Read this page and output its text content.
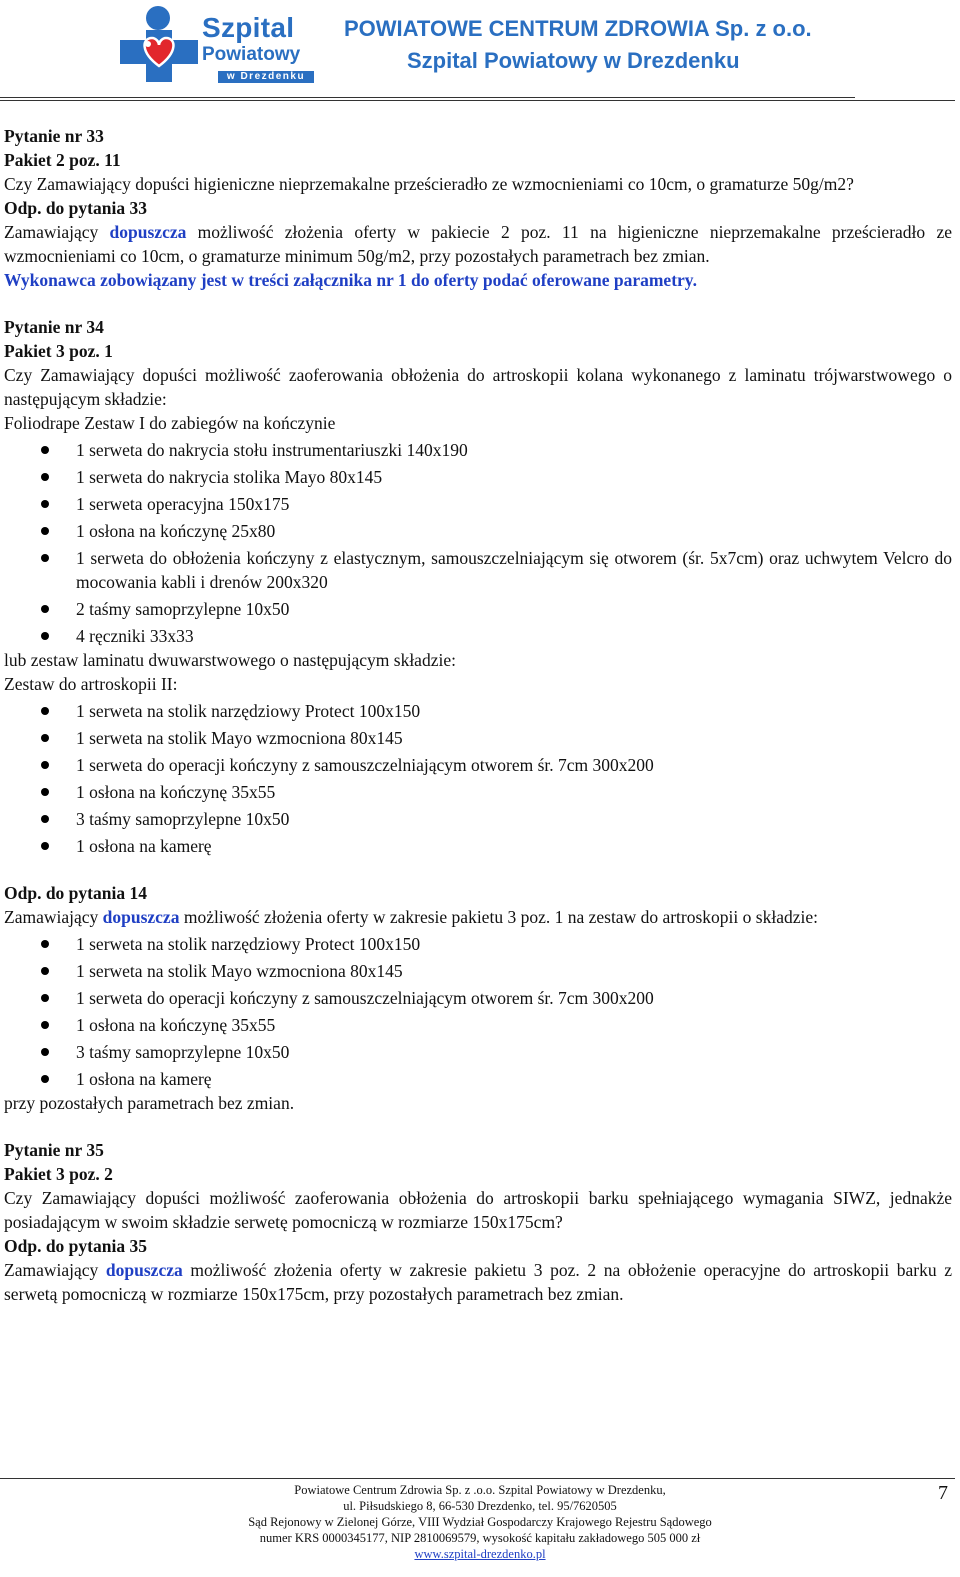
Szpital
Powiatowy
w Drezdenku
POWIATOWE CENTRUM ZDROWIA Sp. z o.o.
Szpital Powiatowy w Drezdenku

Pytanie nr 33

Pakiet 2 poz. 11

Czy Zamawiający dopuści higieniczne nieprzemakalne prześcieradło ze wzmocnieniami co 10cm, o gramaturze 50g/m2?

Odp. do pytania 33

Zamawiający dopuszcza możliwość złożenia oferty w pakiecie 2 poz. 11 na higieniczne nieprzemakalne prześcieradło ze wzmocnieniami co 10cm, o gramaturze minimum 50g/m2, przy pozostałych parametrach bez zmian.

Wykonawca zobowiązany jest w treści załącznika nr 1 do oferty podać oferowane parametry.

Pytanie nr 34

Pakiet 3 poz. 1

Czy Zamawiający dopuści możliwość zaoferowania obłożenia do artroskopii kolana wykonanego z laminatu trójwarstwowego o następującym składzie:

Foliodrape Zestaw I do zabiegów na kończynie

1 serweta do nakrycia stołu instrumentariuszki 140x190
1 serweta do nakrycia stolika Mayo 80x145
1 serweta operacyjna 150x175
1 osłona na kończynę 25x80
1 serweta do obłożenia kończyny z elastycznym, samouszczelniającym się otworem (śr. 5x7cm) oraz uchwytem Velcro do mocowania kabli i drenów 200x320
2 taśmy samoprzylepne 10x50
4 ręczniki 33x33

lub zestaw laminatu dwuwarstwowego o następującym składzie:

Zestaw do artroskopii II:

1 serweta na stolik narzędziowy Protect 100x150
1 serweta na stolik Mayo wzmocniona 80x145
1 serweta do operacji kończyny z samouszczelniającym otworem śr. 7cm 300x200
1 osłona na kończynę 35x55
3 taśmy samoprzylepne 10x50
1 osłona na kamerę

Odp. do pytania 14

Zamawiający dopuszcza możliwość złożenia oferty w zakresie pakietu 3 poz. 1 na zestaw do artroskopii o składzie:

1 serweta na stolik narzędziowy Protect 100x150
1 serweta na stolik Mayo wzmocniona 80x145
1 serweta do operacji kończyny z samouszczelniającym otworem śr. 7cm 300x200
1 osłona na kończynę 35x55
3 taśmy samoprzylepne 10x50
1 osłona na kamerę

przy pozostałych parametrach bez zmian.

Pytanie nr 35

Pakiet 3 poz. 2

Czy Zamawiający dopuści możliwość zaoferowania obłożenia do artroskopii barku spełniającego wymagania SIWZ, jednakże posiadającym w swoim składzie serwetę pomocniczą w rozmiarze 150x175cm?

Odp. do pytania 35

Zamawiający dopuszcza możliwość złożenia oferty w zakresie pakietu 3 poz. 2 na obłożenie operacyjne do artroskopii barku z serwetą pomocniczą w rozmiarze 150x175cm, przy pozostałych parametrach bez zmian.

Powiatowe Centrum Zdrowia Sp. z .o.o. Szpital Powiatowy w Drezdenku,
ul. Piłsudskiego 8, 66-530 Drezdenko, tel. 95/7620505
Sąd Rejonowy w Zielonej Górze, VIII Wydział Gospodarczy Krajowego Rejestru Sądowego
numer KRS 0000345177, NIP 2810069579, wysokość kapitału zakładowego 505 000 zł
www.szpital-drezdenko.pl
7
